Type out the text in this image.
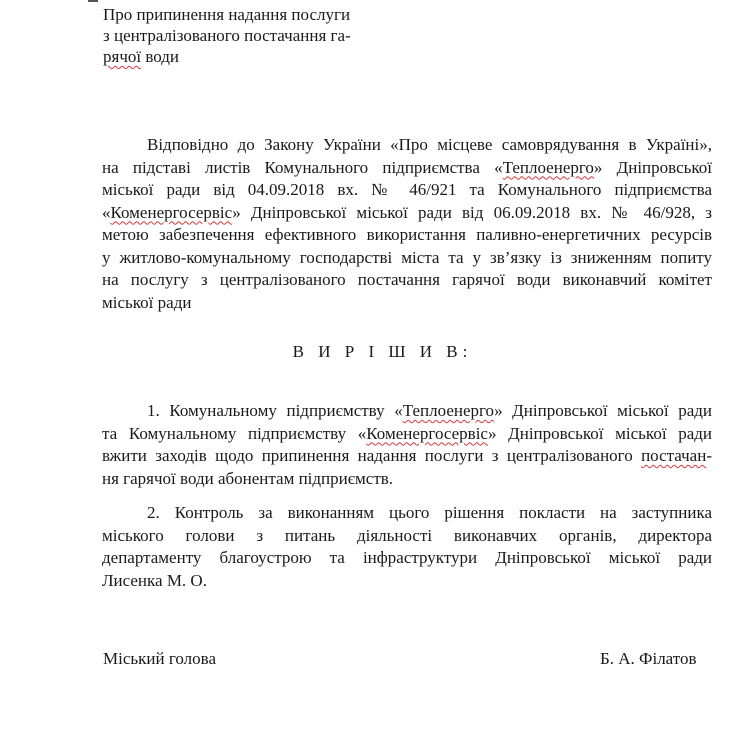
Про припинення надання послуги
з централізованого постачання га-
рячої води
Відповідно до Закону України «Про місцеве самоврядування в Україні»,
на підставі листів Комунального підприємства «Теплоенерго» Дніпровської
міської ради від 04.09.2018 вх. № 46/921 та Комунального підприємства
«Коменергосервіс» Дніпровської міської ради від 06.09.2018 вх. № 46/928, з
метою забезпечення ефективного використання паливно-енергетичних ресурсів
у житлово-комунальному господарстві міста та у зв’язку із зниженням попиту
на послугу з централізованого постачання гарячої води виконавчий комітет
міської ради
В И Р І Ш И В:
1. Комунальному підприємству «Теплоенерго» Дніпровської міської ради
та Комунальному підприємству «Коменергосервіс» Дніпровської міської ради
вжити заходів щодо припинення надання послуги з централізованого постачан-
ня гарячої води абонентам підприємств.
2. Контроль за виконанням цього рішення покласти на заступника
міського голови з питань діяльності виконавчих органів, директора
департаменту благоустрою та інфраструктури Дніпровської міської ради
Лисенка М. О.
Міський голова	Б. А. Філатов
